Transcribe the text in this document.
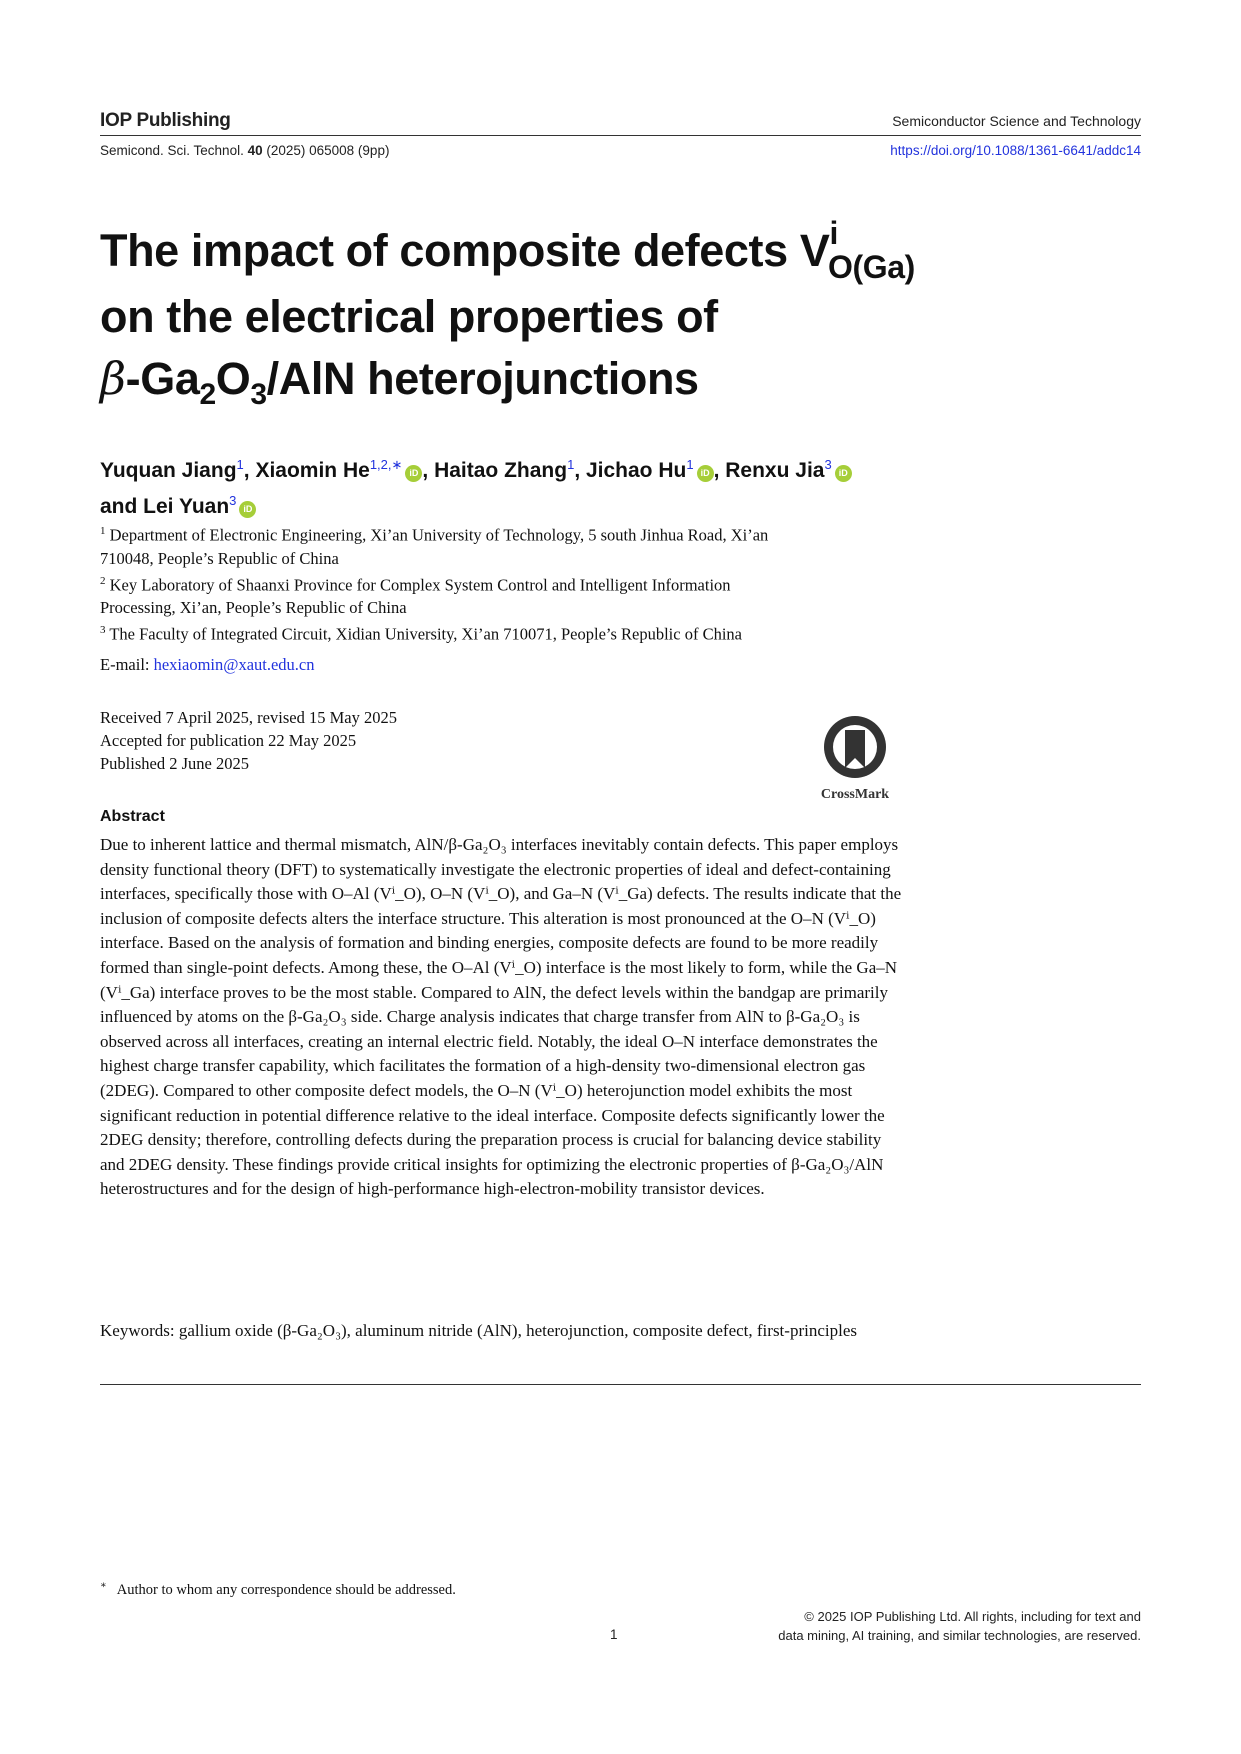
IOP Publishing	Semiconductor Science and Technology
Semicond. Sci. Technol. 40 (2025) 065008 (9pp)	https://doi.org/10.1088/1361-6641/addc14
The impact of composite defects $V^i_{O(Ga)}$
on the electrical properties of
$\beta-Ga_2O_3$/AlN heterojunctions
Yuquan Jiang$^1$, Xiaomin $He^{1,2,∗}iD$ , Haitao Zhang$^1$, Jichao Hu$^1$iD , Renxu Jia$^3$iD
and Lei Yuan$^3$iD
$^1$ Department of Electronic Engineering, Xi’an University of Technology, 5 south Jinhua Road, Xi’an
710048, People’s Republic of China
$^2$ Key Laboratory of Shaanxi Province for Complex System Control and Intelligent Information
Processing, Xi’an, People’s Republic of China
$^3$ The Faculty of Integrated Circuit, Xidian University, Xi’an 710071, People’s Republic of China
E-mail: hexiaomin@xaut.edu.cn
Received 7 April 2025, revised 15 May 2025
Accepted for publication 22 May 2025
Published 2 June 2025
CrossMark
Abstract
Due to inherent lattice and thermal mismatch, AlN/β-Ga₂O₃ interfaces inevitably contain defects. This paper employs density functional theory (DFT) to systematically investigate the electronic properties of ideal and defect-containing interfaces, specifically those with O–Al (Vⁱ_O), O–N (Vⁱ_O), and Ga–N (Vⁱ_Ga) defects. The results indicate that the inclusion of composite defects alters the interface structure. This alteration is most pronounced at the O–N (Vⁱ_O) interface. Based on the analysis of formation and binding energies, composite defects are found to be more readily formed than single-point defects. Among these, the O–Al (Vⁱ_O) interface is the most likely to form, while the Ga–N (Vⁱ_Ga) interface proves to be the most stable. Compared to AlN, the defect levels within the bandgap are primarily influenced by atoms on the β-Ga₂O₃ side. Charge analysis indicates that charge transfer from AlN to β-Ga₂O₃ is observed across all interfaces, creating an internal electric field. Notably, the ideal O–N interface demonstrates the highest charge transfer capability, which facilitates the formation of a high-density two-dimensional electron gas (2DEG). Compared to other composite defect models, the O–N (Vⁱ_O) heterojunction model exhibits the most significant reduction in potential difference relative to the ideal interface. Composite defects significantly lower the 2DEG density; therefore, controlling defects during the preparation process is crucial for balancing device stability and 2DEG density. These findings provide critical insights for optimizing the electronic properties of β-Ga₂O₃/AlN heterostructures and for the design of high-performance high-electron-mobility transistor devices.
Keywords: gallium oxide (β-Ga₂O₃), aluminum nitride (AlN), heterojunction, composite defect, first-principles
∗ Author to whom any correspondence should be addressed.
1
© 2025 IOP Publishing Ltd. All rights, including for text and
data mining, AI training, and similar technologies, are reserved.
